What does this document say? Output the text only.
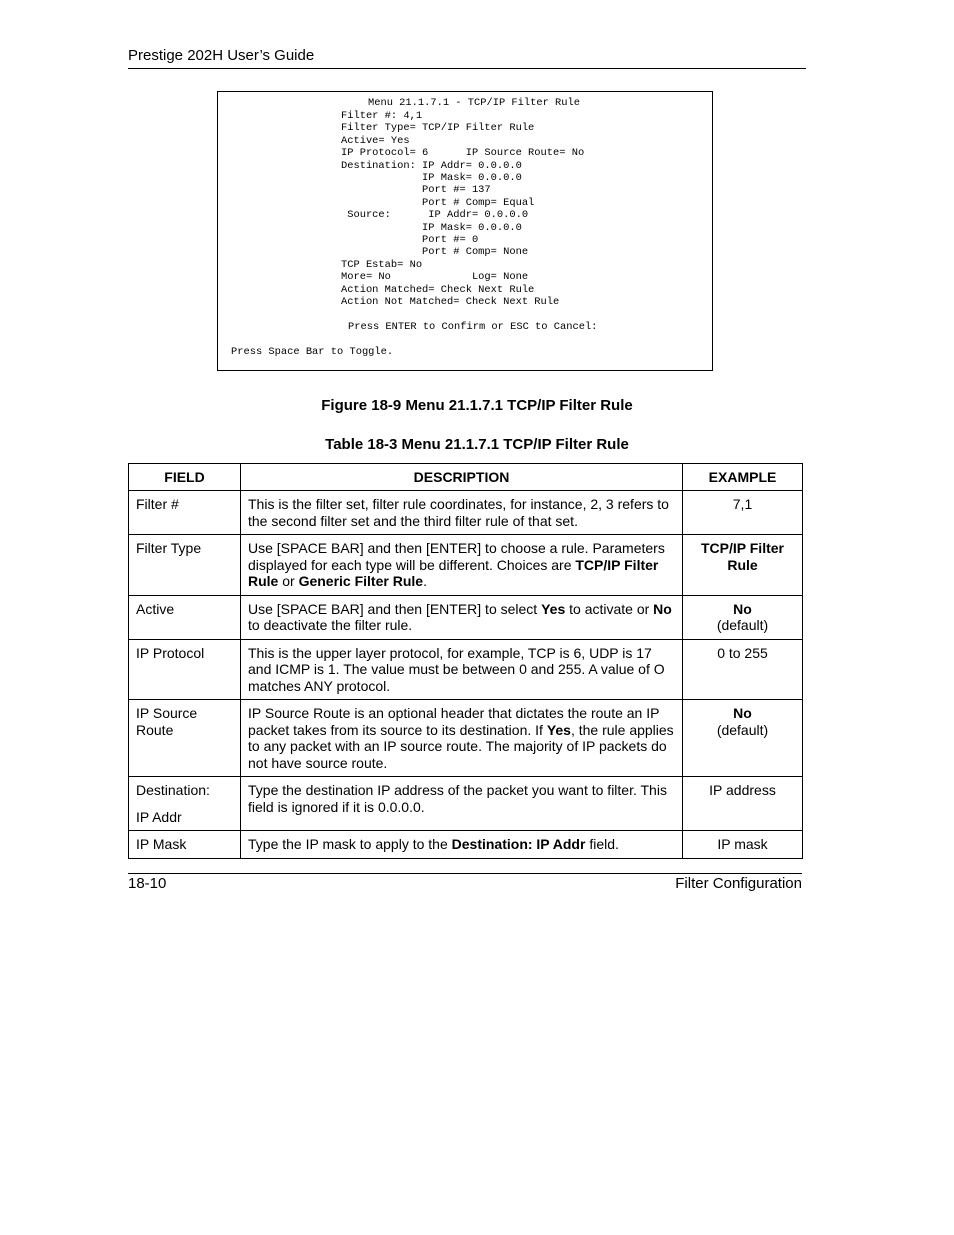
Prestige 202H User’s Guide
Menu 21.1.7.1 - TCP/IP Filter Rule
Filter #: 4,1
Filter Type= TCP/IP Filter Rule
Active= Yes
IP Protocol= 6      IP Source Route= No
Destination: IP Addr= 0.0.0.0
IP Mask= 0.0.0.0
Port #= 137
Port # Comp= Equal
Source:      IP Addr= 0.0.0.0
IP Mask= 0.0.0.0
Port #= 0
Port # Comp= None
TCP Estab= No
More= No             Log= None
Action Matched= Check Next Rule
Action Not Matched= Check Next Rule
Press ENTER to Confirm or ESC to Cancel:
Press Space Bar to Toggle.
Figure 18-9 Menu 21.1.7.1 TCP/IP Filter Rule
Table 18-3 Menu 21.1.7.1 TCP/IP Filter Rule
FIELD	DESCRIPTION	EXAMPLE
Filter #	This is the filter set, filter rule coordinates, for instance, 2, 3 refers to the second filter set and the third filter rule of that set.	7,1
Filter Type	Use [SPACE BAR] and then [ENTER] to choose a rule. Parameters displayed for each type will be different. Choices are TCP/IP Filter Rule or Generic Filter Rule.	TCP/IP Filter Rule
Active	Use [SPACE BAR] and then [ENTER] to select Yes to activate or No to deactivate the filter rule.	No
(default)
IP Protocol	This is the upper layer protocol, for example, TCP is 6, UDP is 17 and ICMP is 1. The value must be between 0 and 255. A value of O matches ANY protocol.	0 to 255
IP Source Route	IP Source Route is an optional header that dictates the route an IP packet takes from its source to its destination. If Yes, the rule applies to any packet with an IP source route. The majority of IP packets do not have source route.	No
(default)
Destination:
IP Addr	Type the destination IP address of the packet you want to filter. This field is ignored if it is 0.0.0.0.	IP address
IP Mask	Type the IP mask to apply to the Destination: IP Addr field.	IP mask
18-10	Filter Configuration
